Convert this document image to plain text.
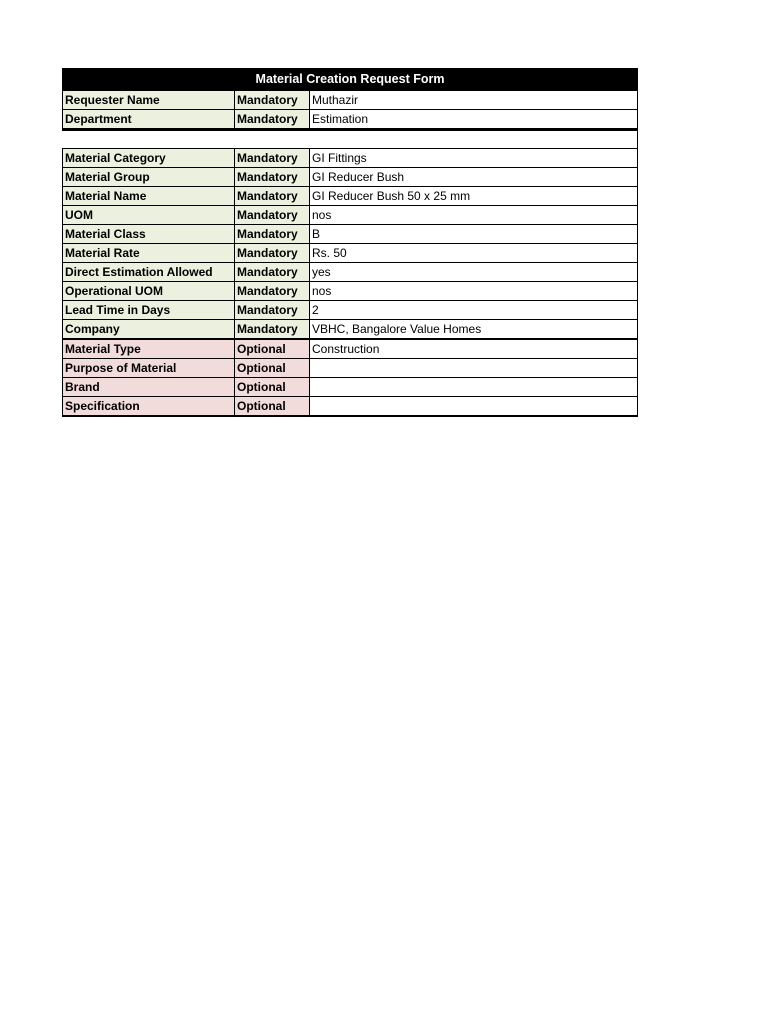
Material Creation Request Form
Requester Name	Mandatory	Muthazir
Department	Mandatory	Estimation
Material Category	Mandatory	GI Fittings
Material Group	Mandatory	GI Reducer Bush
Material Name	Mandatory	GI Reducer Bush 50 x 25 mm
UOM	Mandatory	nos
Material Class	Mandatory	B
Material Rate	Mandatory	Rs. 50
Direct Estimation Allowed	Mandatory	yes
Operational UOM	Mandatory	nos
Lead Time in Days	Mandatory	2
Company	Mandatory	VBHC, Bangalore Value Homes
Material Type	Optional	Construction
Purpose of Material	Optional	
Brand	Optional	
Specification	Optional	
